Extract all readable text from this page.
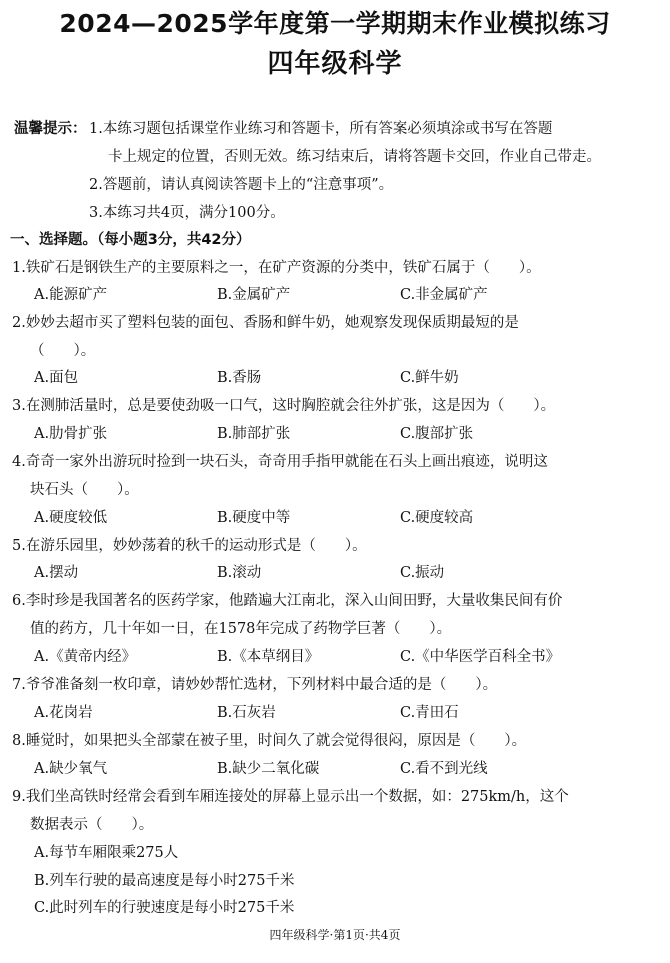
2024—2025学年度第一学期期末作业模拟练习
四年级科学
温馨提示： 1.本练习题包括课堂作业练习和答题卡，所有答案必须填涂或书写在答题
卡上规定的位置，否则无效。练习结束后，请将答题卡交回，作业自己带走。
2.答题前，请认真阅读答题卡上的“注意事项”。
3.本练习共4页，满分100分。
一、选择题。（每小题3分，共42分）
1.铁矿石是钢铁生产的主要原料之一，在矿产资源的分类中，铁矿石属于（　　）。
A.能源矿产	B.金属矿产	C.非金属矿产
2.妙妙去超市买了塑料包装的面包、香肠和鲜牛奶，她观察发现保质期最短的是
（　　）。
A.面包	B.香肠	C.鲜牛奶
3.在测肺活量时，总是要使劲吸一口气，这时胸腔就会往外扩张，这是因为（　　）。
A.肋骨扩张	B.肺部扩张	C.腹部扩张
4.奇奇一家外出游玩时捡到一块石头，奇奇用手指甲就能在石头上画出痕迹，说明这
块石头（　　）。
A.硬度较低	B.硬度中等	C.硬度较高
5.在游乐园里，妙妙荡着的秋千的运动形式是（　　）。
A.摆动	B.滚动	C.振动
6.李时珍是我国著名的医药学家，他踏遍大江南北，深入山间田野，大量收集民间有价
值的药方，几十年如一日，在1578年完成了药物学巨著（　　）。
A.《黄帝内经》	B.《本草纲目》	C.《中华医学百科全书》
7.爷爷准备刻一枚印章，请妙妙帮忙选材，下列材料中最合适的是（　　）。
A.花岗岩	B.石灰岩	C.青田石
8.睡觉时，如果把头全部蒙在被子里，时间久了就会觉得很闷，原因是（　　）。
A.缺少氧气	B.缺少二氧化碳	C.看不到光线
9.我们坐高铁时经常会看到车厢连接处的屏幕上显示出一个数据，如：275km/h，这个
数据表示（　　）。
A.每节车厢限乘275人
B.列车行驶的最高速度是每小时275千米
C.此时列车的行驶速度是每小时275千米
四年级科学·第1页·共4页
